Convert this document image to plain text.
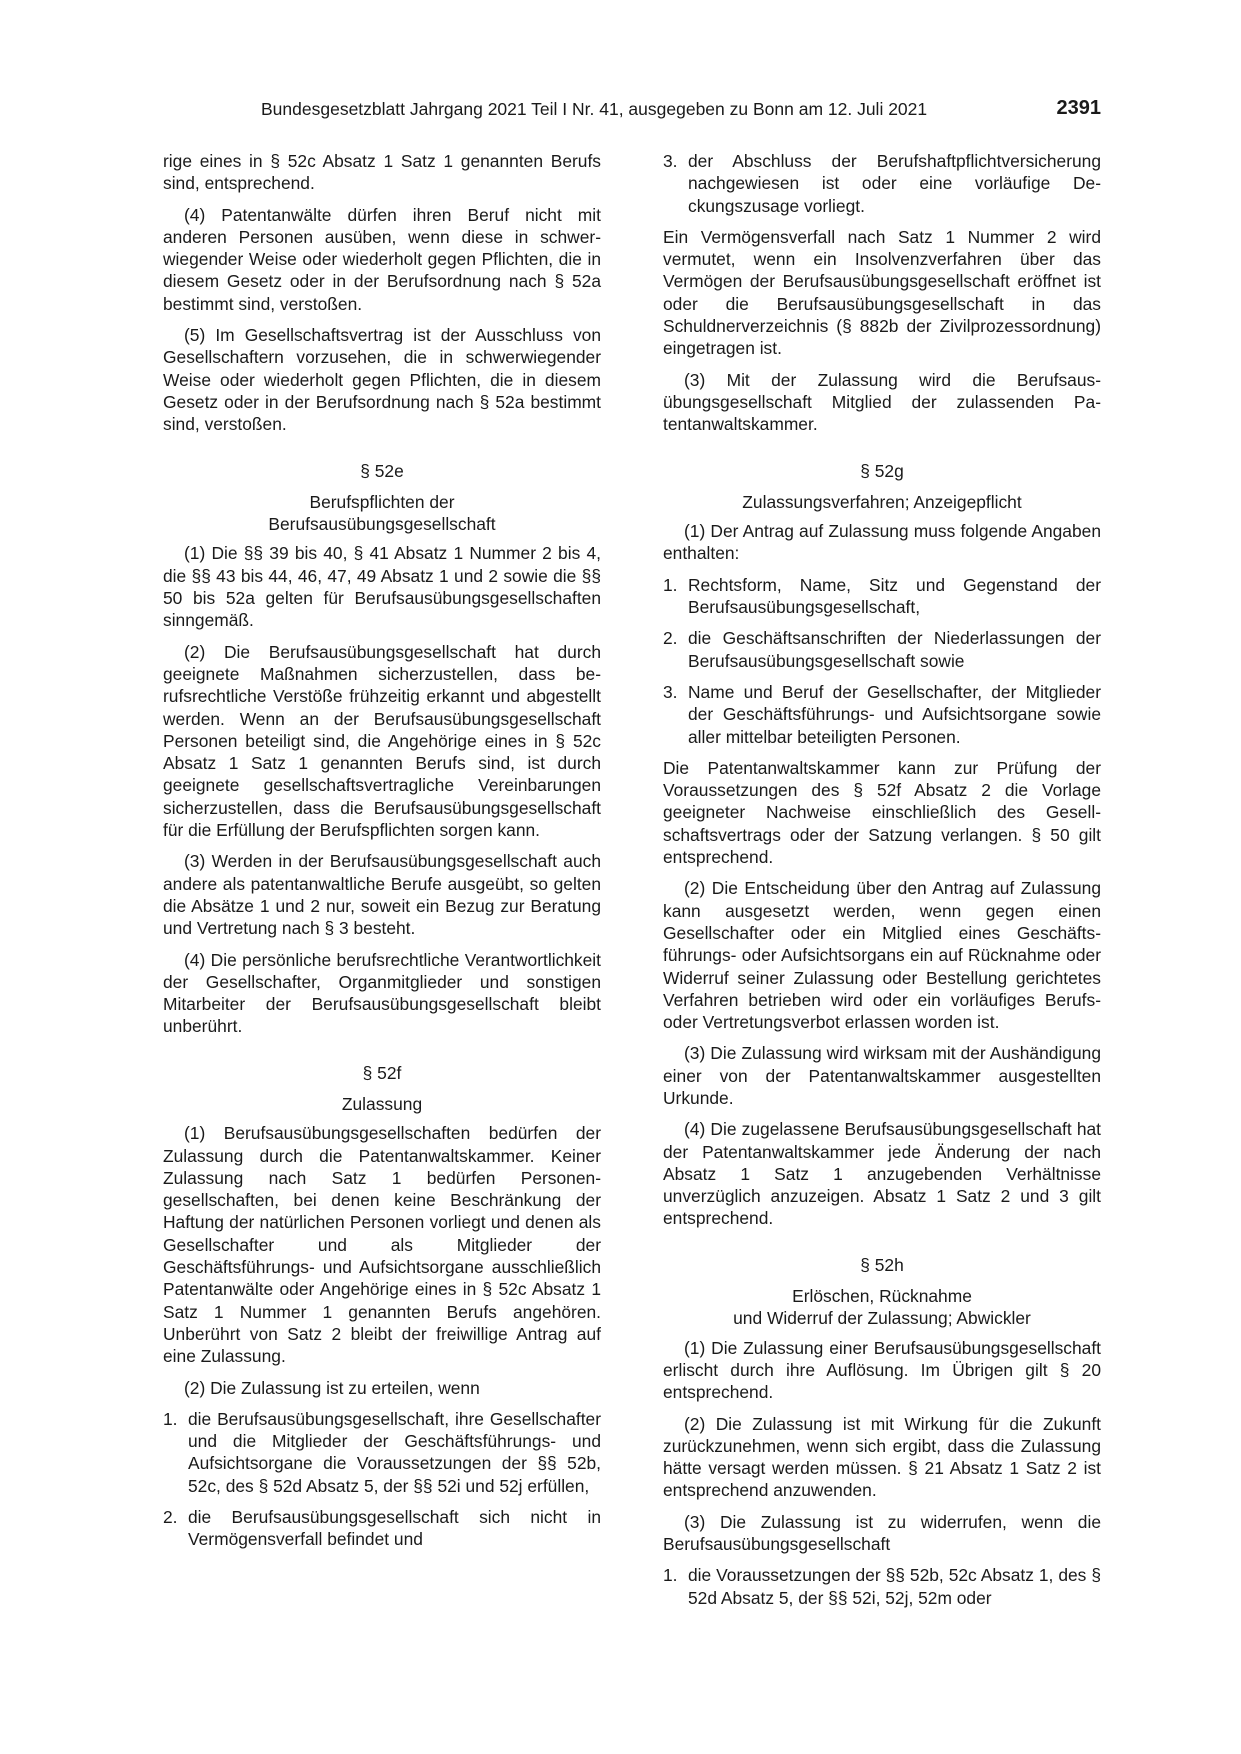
Bundesgesetzblatt Jahrgang 2021 Teil I Nr. 41, ausgegeben zu Bonn am 12. Juli 2021	2391

rige eines in § 52c Absatz 1 Satz 1 genannten Berufs sind, entsprechend.

(4) Patentanwälte dürfen ihren Beruf nicht mit anderen Personen ausüben, wenn diese in schwerwiegender Weise oder wiederholt gegen Pflichten, die in diesem Gesetz oder in der Berufsordnung nach § 52a bestimmt sind, verstoßen.

(5) Im Gesellschaftsvertrag ist der Ausschluss von Gesellschaftern vorzusehen, die in schwerwiegender Weise oder wiederholt gegen Pflichten, die in diesem Gesetz oder in der Berufsordnung nach § 52a bestimmt sind, verstoßen.

§ 52e
Berufspflichten der
Berufsausübungsgesellschaft

(1) Die §§ 39 bis 40, § 41 Absatz 1 Nummer 2 bis 4, die §§ 43 bis 44, 46, 47, 49 Absatz 1 und 2 sowie die §§ 50 bis 52a gelten für Berufsausübungsgesellschaften sinngemäß.

(2) Die Berufsausübungsgesellschaft hat durch geeignete Maßnahmen sicherzustellen, dass berufsrechtliche Verstöße frühzeitig erkannt und abgestellt werden. Wenn an der Berufsausübungsgesellschaft Personen beteiligt sind, die Angehörige eines in § 52c Absatz 1 Satz 1 genannten Berufs sind, ist durch geeignete gesellschaftsvertragliche Vereinbarungen sicherzustellen, dass die Berufsausübungsgesellschaft für die Erfüllung der Berufspflichten sorgen kann.

(3) Werden in der Berufsausübungsgesellschaft auch andere als patentanwaltliche Berufe ausgeübt, so gelten die Absätze 1 und 2 nur, soweit ein Bezug zur Beratung und Vertretung nach § 3 besteht.

(4) Die persönliche berufsrechtliche Verantwortlichkeit der Gesellschafter, Organmitglieder und sonstigen Mitarbeiter der Berufsausübungsgesellschaft bleibt unberührt.

§ 52f
Zulassung

(1) Berufsausübungsgesellschaften bedürfen der Zulassung durch die Patentanwaltskammer. Keiner Zulassung nach Satz 1 bedürfen Personengesellschaften, bei denen keine Beschränkung der Haftung der natürlichen Personen vorliegt und denen als Gesellschafter und als Mitglieder der Geschäftsführungs- und Aufsichtsorgane ausschließlich Patentanwälte oder Angehörige eines in § 52c Absatz 1 Satz 1 Nummer 1 genannten Berufs angehören. Unberührt von Satz 2 bleibt der freiwillige Antrag auf eine Zulassung.

(2) Die Zulassung ist zu erteilen, wenn

1. die Berufsausübungsgesellschaft, ihre Gesellschafter und die Mitglieder der Geschäftsführungs- und Aufsichtsorgane die Voraussetzungen der §§ 52b, 52c, des § 52d Absatz 5, der §§ 52i und 52j erfüllen,
2. die Berufsausübungsgesellschaft sich nicht in Vermögensverfall befindet und
3. der Abschluss der Berufshaftpflichtversicherung nachgewiesen ist oder eine vorläufige Deckungszusage vorliegt.

Ein Vermögensverfall nach Satz 1 Nummer 2 wird vermutet, wenn ein Insolvenzverfahren über das Vermögen der Berufsausübungsgesellschaft eröffnet ist oder die Berufsausübungsgesellschaft in das Schuldnerverzeichnis (§ 882b der Zivilprozessordnung) eingetragen ist.

(3) Mit der Zulassung wird die Berufsausübungsgesellschaft Mitglied der zulassenden Patentanwaltskammer.

§ 52g
Zulassungsverfahren; Anzeigepflicht

(1) Der Antrag auf Zulassung muss folgende Angaben enthalten:

1. Rechtsform, Name, Sitz und Gegenstand der Berufsausübungsgesellschaft,
2. die Geschäftsanschriften der Niederlassungen der Berufsausübungsgesellschaft sowie
3. Name und Beruf der Gesellschafter, der Mitglieder der Geschäftsführungs- und Aufsichtsorgane sowie aller mittelbar beteiligten Personen.

Die Patentanwaltskammer kann zur Prüfung der Voraussetzungen des § 52f Absatz 2 die Vorlage geeigneter Nachweise einschließlich des Gesellschaftsvertrags oder der Satzung verlangen. § 50 gilt entsprechend.

(2) Die Entscheidung über den Antrag auf Zulassung kann ausgesetzt werden, wenn gegen einen Gesellschafter oder ein Mitglied eines Geschäftsführungs- oder Aufsichtsorgans ein auf Rücknahme oder Widerruf seiner Zulassung oder Bestellung gerichtetes Verfahren betrieben wird oder ein vorläufiges Berufs- oder Vertretungsverbot erlassen worden ist.

(3) Die Zulassung wird wirksam mit der Aushändigung einer von der Patentanwaltskammer ausgestellten Urkunde.

(4) Die zugelassene Berufsausübungsgesellschaft hat der Patentanwaltskammer jede Änderung der nach Absatz 1 Satz 1 anzugebenden Verhältnisse unverzüglich anzuzeigen. Absatz 1 Satz 2 und 3 gilt entsprechend.

§ 52h
Erlöschen, Rücknahme
und Widerruf der Zulassung; Abwickler

(1) Die Zulassung einer Berufsausübungsgesellschaft erlischt durch ihre Auflösung. Im Übrigen gilt § 20 entsprechend.

(2) Die Zulassung ist mit Wirkung für die Zukunft zurückzunehmen, wenn sich ergibt, dass die Zulassung hätte versagt werden müssen. § 21 Absatz 1 Satz 2 ist entsprechend anzuwenden.

(3) Die Zulassung ist zu widerrufen, wenn die Berufsausübungsgesellschaft

1. die Voraussetzungen der §§ 52b, 52c Absatz 1, des § 52d Absatz 5, der §§ 52i, 52j, 52m oder
